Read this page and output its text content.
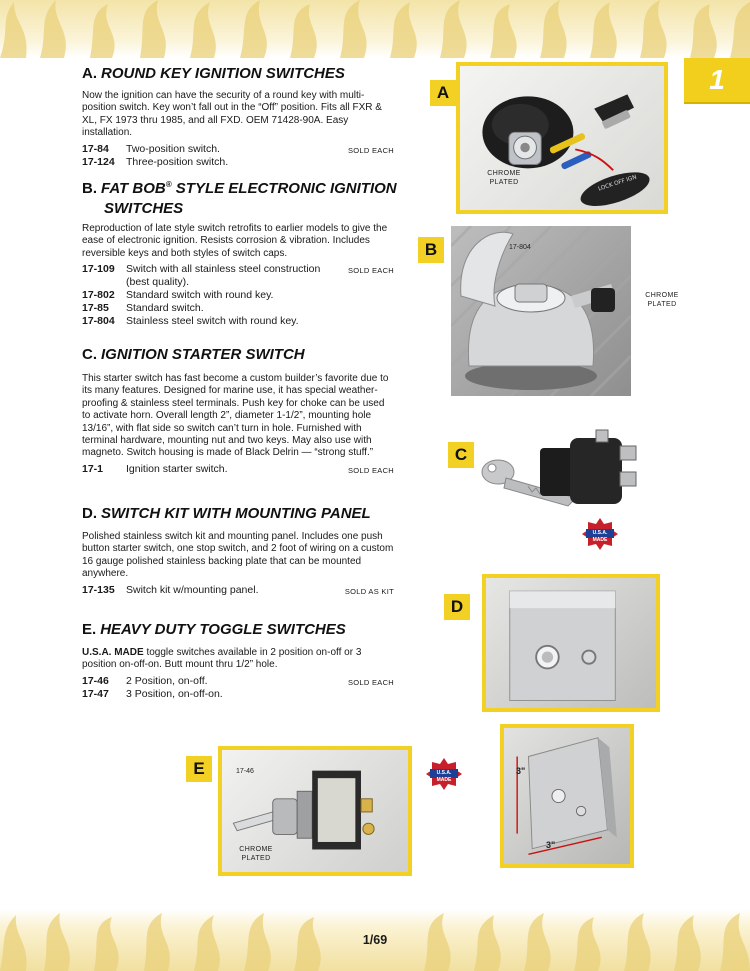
1
A. ROUND KEY IGNITION SWITCHES

Now the ignition can have the security of a round key with multi-position switch. Key won’t fall out in the “Off” position. Fits all FXR & XL, FX 1973 thru 1985, and all FXD. OEM 71428-90A. Easy installation.

17-84	Two-position switch.	SOLD EACH
17-124	Three-position switch.
B. FAT BOB® STYLE ELECTRONIC IGNITION
SWITCHES

Reproduction of late style switch retrofits to earlier models to give the ease of electronic ignition. Resists corrosion & vibration. Includes reversible keys and both styles of switch caps.

17-109	Switch with all stainless steel construction (best quality).
SOLD EACH
17-802	Standard switch with round key.
17-85	Standard switch.
17-804	Stainless steel switch with round key.
C. IGNITION STARTER SWITCH

This starter switch has fast become a custom builder’s favorite due to its many features. Designed for marine use, it has special weather-proofing & stainless steel terminals. Push key for choke can be used to activate horn. Overall length 2”, diameter 1-1/2”, mounting hole 13/16”, with flat side so switch can’t turn in hole. Furnished with terminal hardware, mounting nut and two keys. May also use with magneto. Switch housing is made of Black Delrin — “strong stuff.”

17-1	Ignition starter switch.	SOLD EACH
D. SWITCH KIT WITH MOUNTING PANEL

Polished stainless switch kit and mounting panel. Includes one push button starter switch, one stop switch, and 2 foot of wiring on a custom 16 gauge polished stainless backing plate that can be mounted anywhere.

17-135	Switch kit w/mounting panel.	SOLD AS KIT
E. HEAVY DUTY TOGGLE SWITCHES

U.S.A. MADE toggle switches available in 2 position on-off or 3 position on-off-on. Butt mount thru 1/2” hole.

17-46	2 Position, on-off.	SOLD EACH
17-47	3 Position, on-off-on.
LOCK OFF IGN
CHROME
PLATED
A
17-804
B
CHROME
PLATED
C
U.S.A. MADE
D
3"
3"
17-46
CHROME
PLATED
E	U.S.A. MADE
1/69
